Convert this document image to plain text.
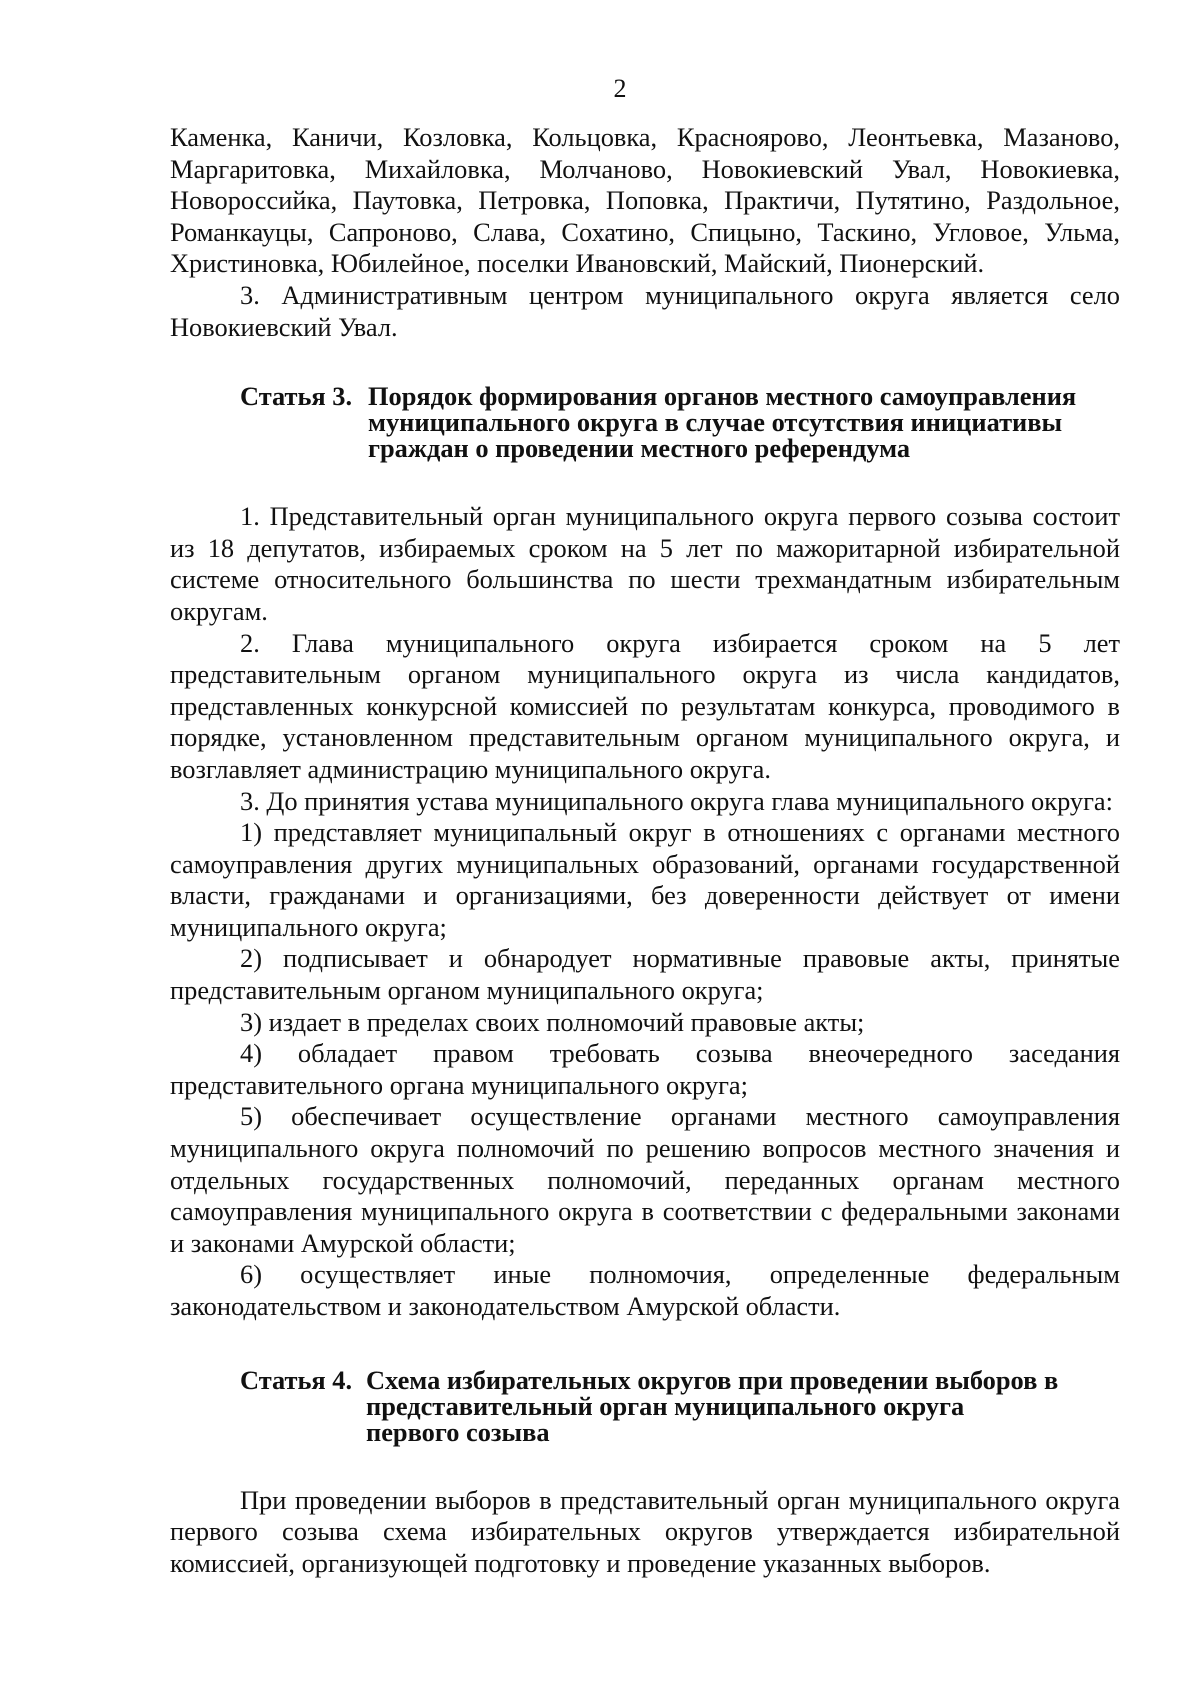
2

Каменка, Каничи, Козловка, Кольцовка, Красноярово, Леонтьевка, Мазаново, Маргаритовка, Михайловка, Молчаново, Новокиевский Увал, Новокиевка, Новороссийка, Паутовка, Петровка, Поповка, Практичи, Путятино, Раздольное, Романкауцы, Сапроново, Слава, Сохатино, Спицыно, Таскино, Угловое, Ульма, Христиновка, Юбилейное, поселки Ивановский, Майский, Пионерский.

3. Административным центром муниципального округа является село Новокиевский Увал.

Статья 3. Порядок формирования органов местного самоуправления
муниципального округа в случае отсутствия инициативы
граждан о проведении местного референдума

1. Представительный орган муниципального округа первого созыва состоит из 18 депутатов, избираемых сроком на 5 лет по мажоритарной избирательной системе относительного большинства по шести трехмандатным избирательным округам.

2. Глава муниципального округа избирается сроком на 5 лет представительным органом муниципального округа из числа кандидатов, представленных конкурсной комиссией по результатам конкурса, проводимого в порядке, установленном представительным органом муниципального округа, и возглавляет администрацию муниципального округа.

3. До принятия устава муниципального округа глава муниципального округа:

1) представляет муниципальный округ в отношениях с органами местного самоуправления других муниципальных образований, органами государственной власти, гражданами и организациями, без доверенности действует от имени муниципального округа;

2) подписывает и обнародует нормативные правовые акты, принятые представительным органом муниципального округа;

3) издает в пределах своих полномочий правовые акты;

4) обладает правом требовать созыва внеочередного заседания представительного органа муниципального округа;

5) обеспечивает осуществление органами местного самоуправления муниципального округа полномочий по решению вопросов местного значения и отдельных государственных полномочий, переданных органам местного самоуправления муниципального округа в соответствии с федеральными законами и законами Амурской области;

6) осуществляет иные полномочия, определенные федеральным законодательством и законодательством Амурской области.

Статья 4. Схема избирательных округов при проведении выборов в
представительный орган муниципального округа
первого созыва

При проведении выборов в представительный орган муниципального округа первого созыва схема избирательных округов утверждается избирательной комиссией, организующей подготовку и проведение указанных выборов.
